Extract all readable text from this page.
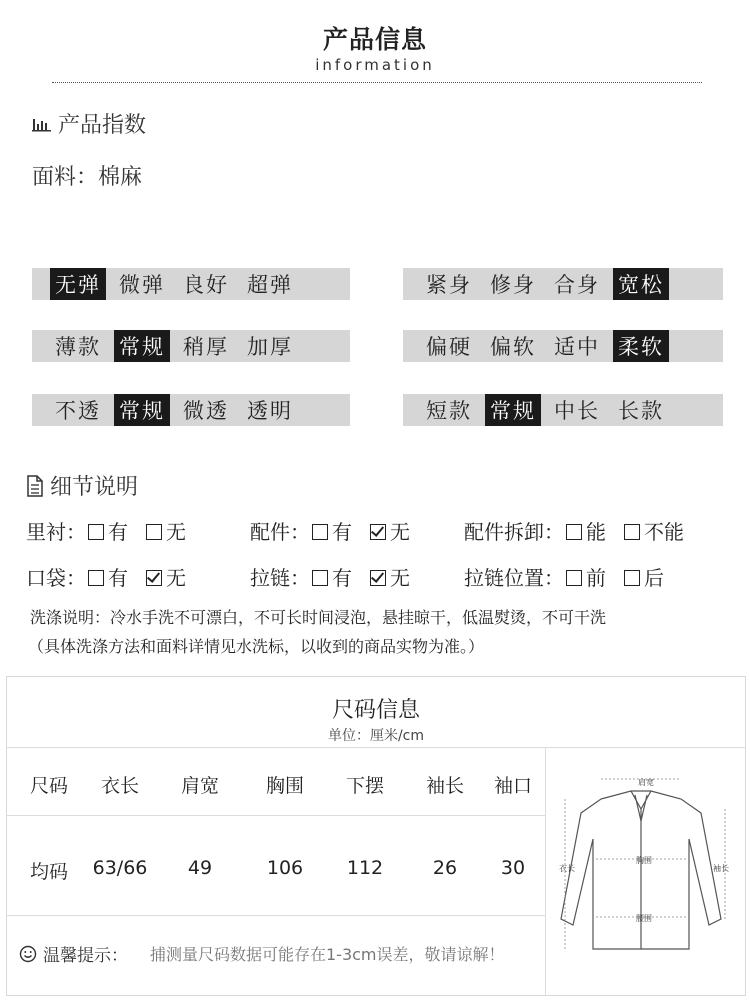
产品信息
information
产品指数
面料：棉麻
无弹 微弹 良好 超弹	紧身 修身 合身 宽松
薄款 常规 稍厚 加厚	偏硬 偏软 适中 柔软
不透 常规 微透 透明	短款 常规 中长 长款
细节说明
里衬： 有 无	配件： 有 无	配件拆卸： 能 不能
口袋： 有 无	拉链： 有 无	拉链位置： 前 后
洗涤说明：冷水手洗不可漂白，不可长时间浸泡，悬挂晾干，低温熨烫，不可干洗
（具体洗涤方法和面料详情见水洗标，以收到的商品实物为准。）
尺码信息
单位：厘米/cm
尺码	衣长	肩宽	胸围	下摆	袖长	袖口
均码	63/66	49	106	112	26	30
温馨提示： 捕测量尺码数据可能存在1-3cm误差，敬请谅解！
肩宽
胸围
腰围
衣长	袖长
